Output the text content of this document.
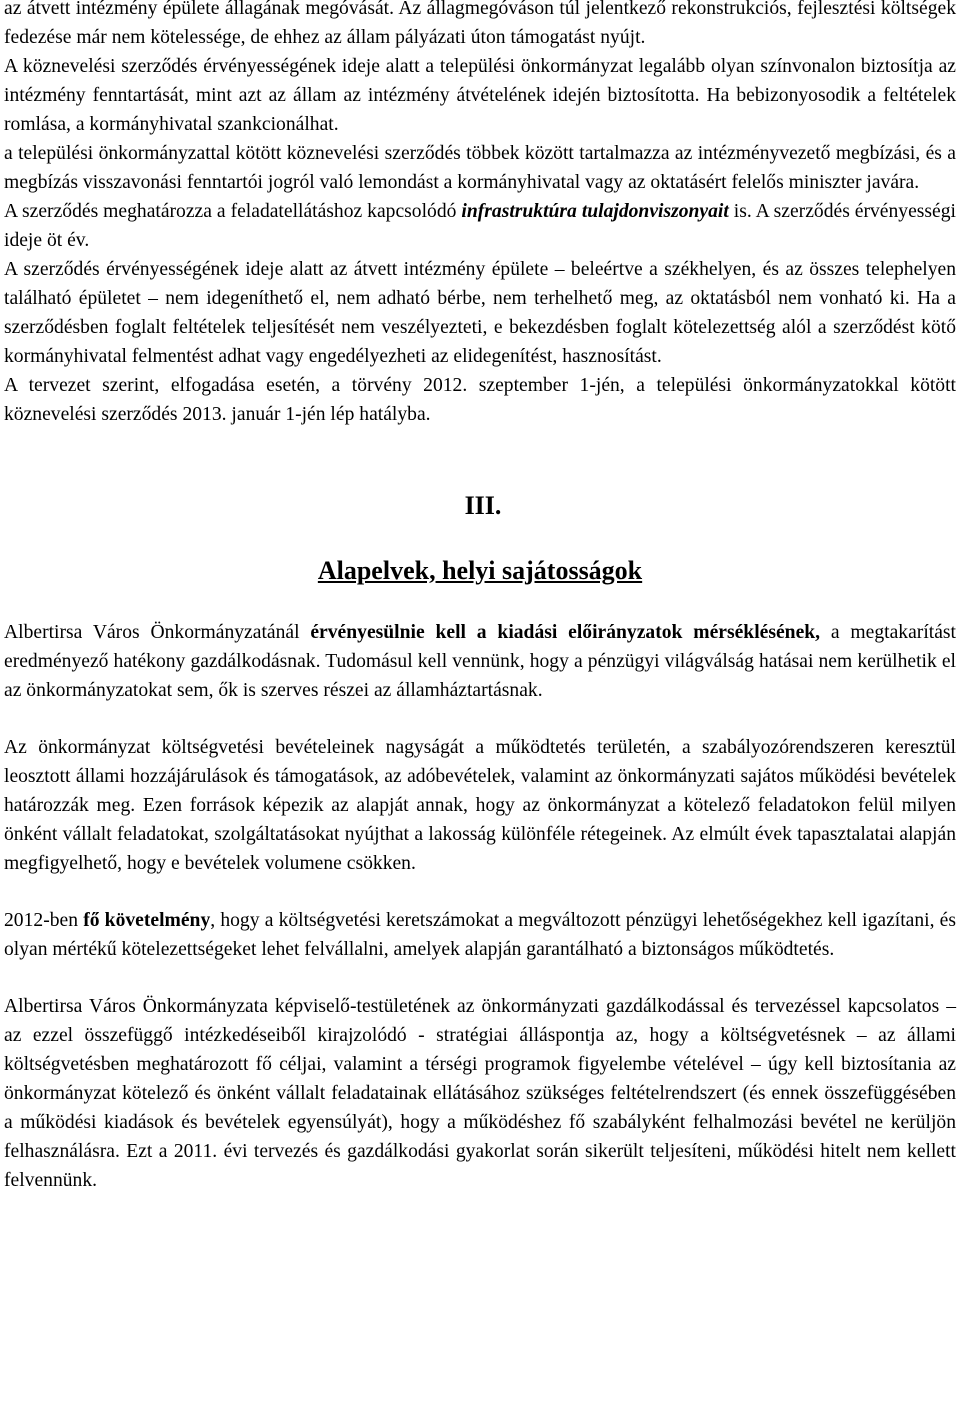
az átvett intézmény épülete állagának megóvását. Az állagmegóváson túl jelentkező rekonstrukciós, fejlesztési költségek fedezése már nem kötelessége, de ehhez az állam pályázati úton támogatást nyújt.

A köznevelési szerződés érvényességének ideje alatt a települési önkormányzat legalább olyan színvonalon biztosítja az intézmény fenntartását, mint azt az állam az intézmény átvételének idején biztosította. Ha bebizonyosodik a feltételek romlása, a kormányhivatal szankcionálhat.

a települési önkormányzattal kötött köznevelési szerződés többek között tartalmazza az intézményvezető megbízási, és a megbízás visszavonási fenntartói jogról való lemondást a kormányhivatal vagy az oktatásért felelős miniszter javára.

A szerződés meghatározza a feladatellátáshoz kapcsolódó infrastruktúra tulajdonviszonyait is. A szerződés érvényességi ideje öt év.

A szerződés érvényességének ideje alatt az átvett intézmény épülete – beleértve a székhelyen, és az összes telephelyen található épületet – nem idegeníthető el, nem adható bérbe, nem terhelhető meg, az oktatásból nem vonható ki. Ha a szerződésben foglalt feltételek teljesítését nem veszélyezteti, e bekezdésben foglalt kötelezettség alól a szerződést kötő kormányhivatal felmentést adhat vagy engedélyezheti az elidegenítést, hasznosítást.

A tervezet szerint, elfogadása esetén, a törvény 2012. szeptember 1-jén, a települési önkormányzatokkal kötött köznevelési szerződés 2013. január 1-jén lép hatályba.

III.
Alapelvek, helyi sajátosságok

Albertirsa Város Önkormányzatánál érvényesülnie kell a kiadási előirányzatok mérséklésének, a megtakarítást eredményező hatékony gazdálkodásnak. Tudomásul kell vennünk, hogy a pénzügyi világválság hatásai nem kerülhetik el az önkormányzatokat sem, ők is szerves részei az államháztartásnak.

Az önkormányzat költségvetési bevételeinek nagyságát a működtetés területén, a szabályozórendszeren keresztül leosztott állami hozzájárulások és támogatások, az adóbevételek, valamint az önkormányzati sajátos működési bevételek határozzák meg. Ezen források képezik az alapját annak, hogy az önkormányzat a kötelező feladatokon felül milyen önként vállalt feladatokat, szolgáltatásokat nyújthat a lakosság különféle rétegeinek. Az elmúlt évek tapasztalatai alapján megfigyelhető, hogy e bevételek volumene csökken.

2012-ben fő követelmény, hogy a költségvetési keretszámokat a megváltozott pénzügyi lehetőségekhez kell igazítani, és olyan mértékű kötelezettségeket lehet felvállalni, amelyek alapján garantálható a biztonságos működtetés.

Albertirsa Város Önkormányzata képviselő-testületének az önkormányzati gazdálkodással és tervezéssel kapcsolatos – az ezzel összefüggő intézkedéseiből kirajzolódó - stratégiai álláspontja az, hogy a költségvetésnek – az állami költségvetésben meghatározott fő céljai, valamint a térségi programok figyelembe vételével – úgy kell biztosítania az önkormányzat kötelező és önként vállalt feladatainak ellátásához szükséges feltételrendszert (és ennek összefüggésében a működési kiadások és bevételek egyensúlyát), hogy a működéshez fő szabályként felhalmozási bevétel ne kerüljön felhasználásra. Ezt a 2011. évi tervezés és gazdálkodási gyakorlat során sikerült teljesíteni, működési hitelt nem kellett felvennünk.
